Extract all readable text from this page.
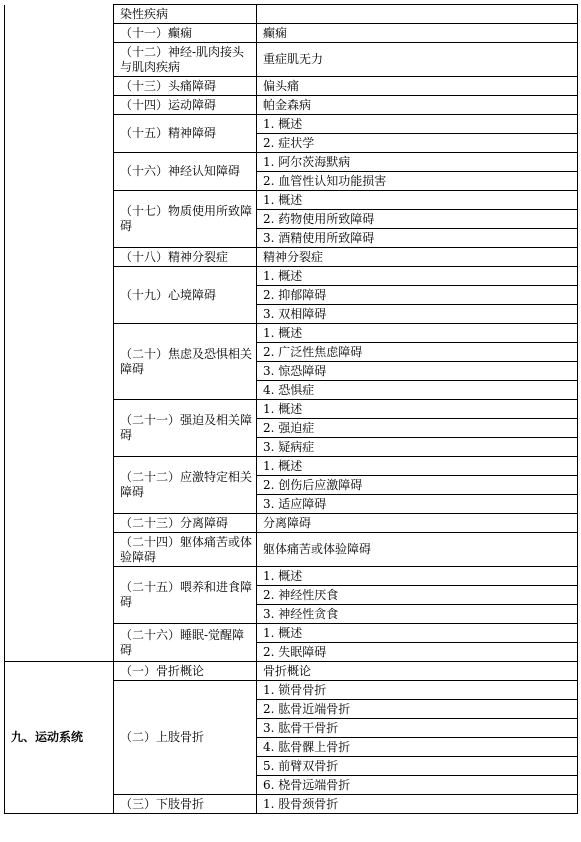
	染性疾病	
	（十一）癫痫	癫痫
	（十二）神经-肌肉接头与肌肉疾病	重症肌无力
	（十三）头痛障碍	偏头痛
	（十四）运动障碍	帕金森病
	（十五）精神障碍	1. 概述
		2. 症状学
	（十六）神经认知障碍	1. 阿尔茨海默病
		2. 血管性认知功能损害
	（十七）物质使用所致障碍	1. 概述
		2. 药物使用所致障碍
		3. 酒精使用所致障碍
	（十八）精神分裂症	精神分裂症
	（十九）心境障碍	1. 概述
		2. 抑郁障碍
		3. 双相障碍
	（二十）焦虑及恐惧相关障碍	1. 概述
		2. 广泛性焦虑障碍
		3. 惊恐障碍
		4. 恐惧症
	（二十一）强迫及相关障碍	1. 概述
		2. 强迫症
		3. 疑病症
	（二十二）应激特定相关障碍	1. 概述
		2. 创伤后应激障碍
		3. 适应障碍
	（二十三）分离障碍	分离障碍
	（二十四）躯体痛苦或体验障碍	躯体痛苦或体验障碍
	（二十五）喂养和进食障碍	1. 概述
		2. 神经性厌食
		3. 神经性贪食
	（二十六）睡眠-觉醒障碍	1. 概述
		2. 失眠障碍
九、运动系统	（一）骨折概论	骨折概论
	（二）上肢骨折	1. 锁骨骨折
		2. 肱骨近端骨折
		3. 肱骨干骨折
		4. 肱骨髁上骨折
		5. 前臂双骨折
		6. 桡骨远端骨折
	（三）下肢骨折	1. 股骨颈骨折
